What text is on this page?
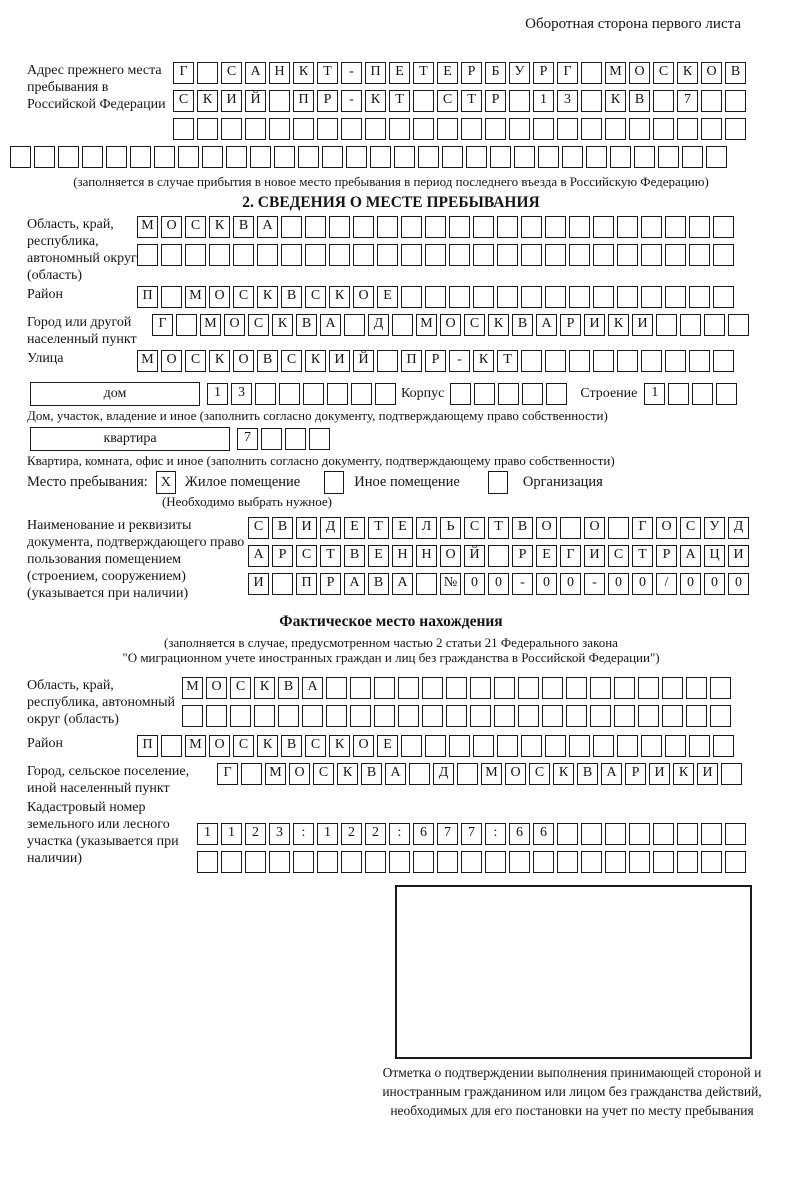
Оборотная сторона первого листа
Адрес прежнего места пребывания в Российской Федерации
Г	С А Н К Т - П Е Т Е Р Б У Р Г	М О С К О В
С К И Й	П Р - К Т	С Т Р	1 3	К В	7
(заполняется в случае прибытия в новое место пребывания в период последнего въезда в Российскую Федерацию)
2. СВЕДЕНИЯ О МЕСТЕ ПРЕБЫВАНИЯ
Область, край, республика, автономный округ (область)
М О С К В А
Район	П	М О С К В С К О Е
Город или другой населенный пункт
Г	М О С К В А	Д	М О С К В А Р И К И
Улица	М О С К О В С К И Й	П Р - К Т
дом	1 3	Корпус	Строение	1
Дом, участок, владение и иное (заполнить согласно документу, подтверждающему право собственности)
квартира	7
Квартира, комната, офис и иное (заполнить согласно документу, подтверждающему право собственности)
Место пребывания: X Жилое помещение	Иное помещение	Организация
(Необходимо выбрать нужное)
Наименование и реквизиты документа, подтверждающего право пользования помещением (строением, сооружением) (указывается при наличии)
С В И Д Е Т Е Л Ь С Т В О	О	Г О С У Д
А Р С Т В Е Н Н О Й	Р Е Г И С Т Р А Ц И
И	П Р А В А	№ 0 0 - 0 0 - 0 0 / 0 0 0
Фактическое место нахождения
(заполняется в случае, предусмотренном частью 2 статьи 21 Федерального закона
"О миграционном учете иностранных граждан и лиц без гражданства в Российской Федерации")
Область, край, республика, автономный округ (область)
М О С К В А
Район	П	М О С К В С К О Е
Город, сельское поселение, иной населенный пункт
Г	М О С К В А	Д	М О С К В А Р И К И
Кадастровый номер земельного или лесного участка (указывается при наличии)
1 1 2 3 : 1 2 2 : 6 7 7 : 6 6
Отметка о подтверждении выполнения принимающей стороной и иностранным гражданином или лицом без гражданства действий, необходимых для его постановки на учет по месту пребывания
